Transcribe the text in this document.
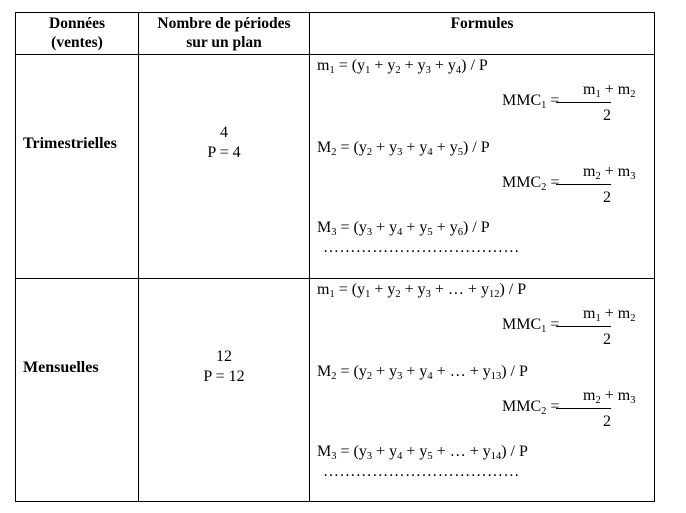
Données
(ventes)
Nombre de périodes
sur un plan
Formules
Trimestrielles
4
P = 4
$m_1 = (y_1 + y_2 + y_3 + y_4) / P$
$m_1 + m_2$
$MMC_1$ =
2
$M_2 = (y_2 + y_3 + y_4 + y_5) / P$
$m_2 + m_3$
$MMC_2$ =
2
$M_3 = (y_3 + y_4 + y_5 + y_6) / P$
………………………………
Mensuelles
12
P = 12
$m_1 = (y_1 + y_2 + y_3$ + … + $y_{12}$) / P
$m_1 + m_2$
$MMC_1$ =
2
$M_2 = (y_2 + y_3 + y_4$ + … + $y_{13}$) / P
$m_2 + m_3$
$MMC_2$ =
2
$M_3 = (y_3 + y_4 + y_5$ + … + $y_{14}$) / P
………………………………
